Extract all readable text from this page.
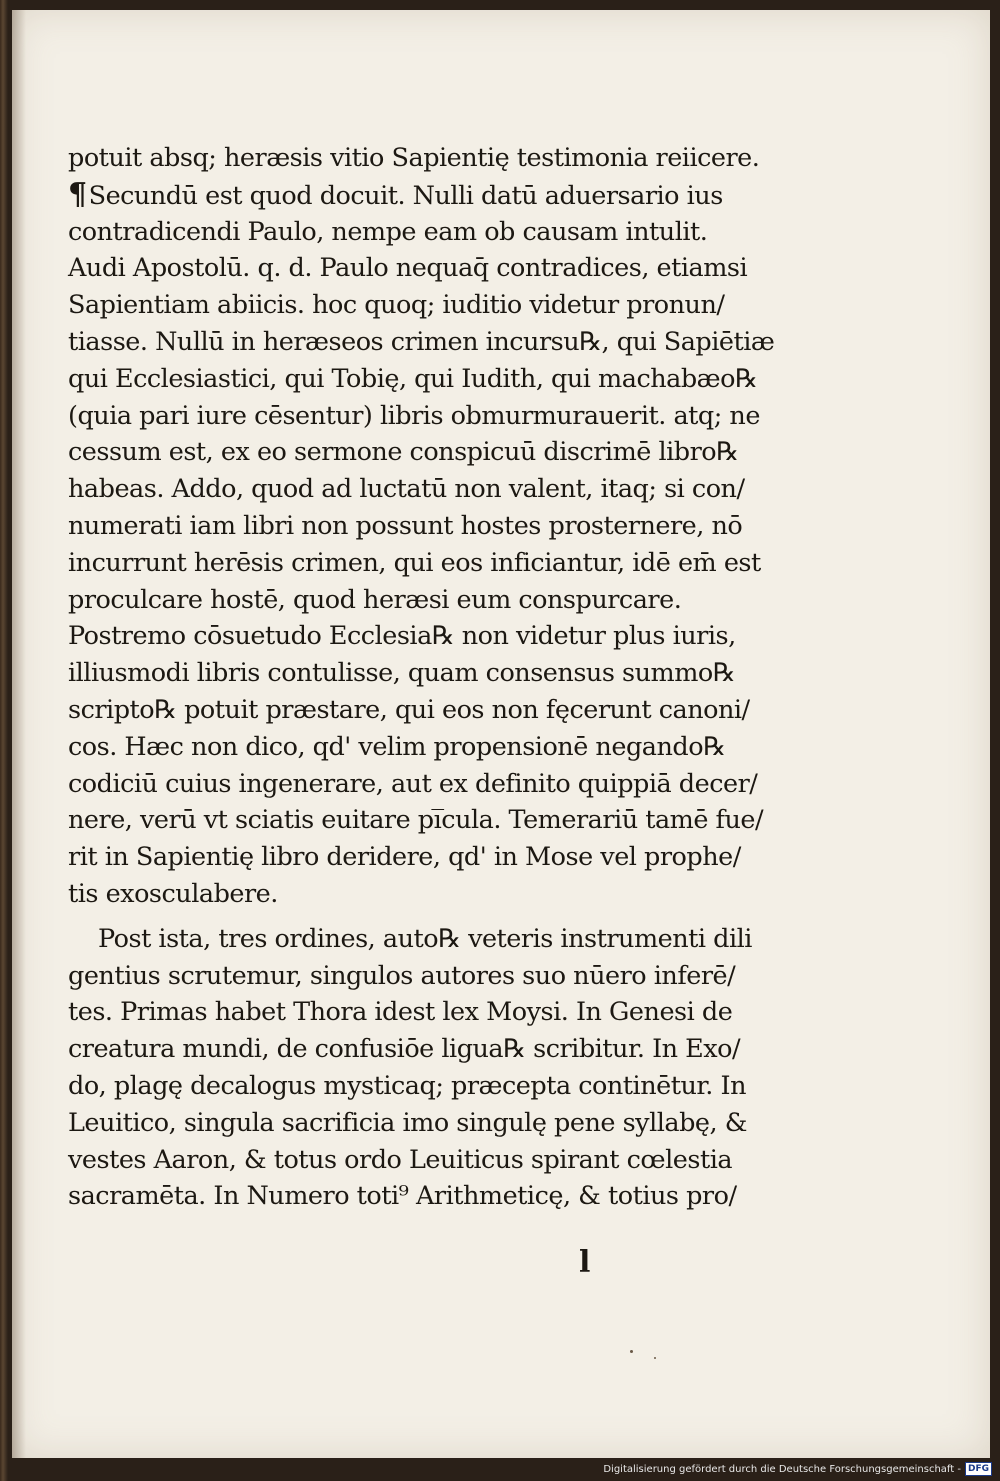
potuit absq; heræsis vitio Sapientię testimonia reiicere.
¶Secundū est quod docuit. Nulli datū aduersario ius
contradicendi Paulo, nempe eam ob causam intulit.
Audi Apostolū. q. d. Paulo nequaq̄ contradices, etiamsi
Sapientiam abiicis. hoc quoq; iuditio videtur pronun/
tiasse. Nullū in heræseos crimen incursu℞, qui Sapiētiæ
qui Ecclesiastici, qui Tobię, qui Iudith, qui machabæo℞
(quia pari iure cēsentur) libris obmurmurauerit. atq; ne
cessum est, ex eo sermone conspicuū discrimē libro℞
habeas. Addo, quod ad luctatū non valent, itaq; si con/
numerati iam libri non possunt hostes prosternere, nō
incurrunt herēsis crimen, qui eos inficiantur, idē em̄ est
proculcare hostē, quod heræsi eum conspurcare.
Postremo cōsuetudo Ecclesia℞ non videtur plus iuris,
illiusmodi libris contulisse, quam consensus summo℞
scripto℞ potuit præstare, qui eos non fęcerunt canoni/
cos. Hæc non dico, qd' velim propensionē negando℞
codiciū cuius ingenerare, aut ex definito quippiā decer/
nere, verū vt sciatis euitare pi̅cula. Temerariū tamē fue/
rit in Sapientię libro deridere, qd' in Mose vel prophe/
tis exosculabere.
Post ista, tres ordines, auto℞ veteris instrumenti dili
gentius scrutemur, singulos autores suo nūero inferē/
tes. Primas habet Thora idest lex Moysi. In Genesi de
creatura mundi, de confusiōe ligua℞ scribitur. In Exo/
do, plagę decalogus mysticaq; præcepta continētur. In
Leuitico, singula sacrificia imo singulę pene syllabę, &
vestes Aaron, & totus ordo Leuiticus spirant cœlestia
sacramēta. In Numero toti⁹ Arithmeticę, & totius pro/
l
Digitalisierung gefördert durch die Deutsche Forschungsgemeinschaft - DFG
